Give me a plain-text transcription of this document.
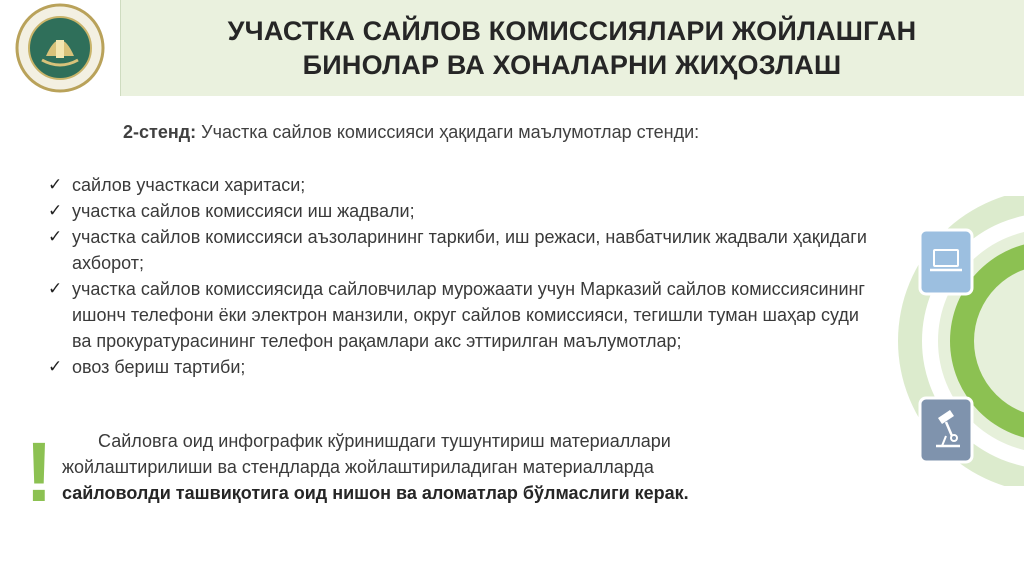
УЧАСТКА САЙЛОВ КОМИССИЯЛАРИ ЖОЙЛАШГАН
БИНОЛАР ВА ХОНАЛАРНИ ЖИҲОЗЛАШ
2-стенд: Участка сайлов комиссияси ҳақидаги маълумотлар стенди:
✓ сайлов участкаси харитаси;
✓ участка сайлов комиссияси иш жадвали;
✓ участка сайлов комиссияси аъзоларининг таркиби, иш режаси, навбатчилик жадвали ҳақидаги ахборот;
✓ участка сайлов комиссиясида сайловчилар мурожаати учун Марказий сайлов комиссиясининг ишонч телефони ёки электрон манзили, округ сайлов комиссияси, тегишли туман шаҳар суди ва прокуратурасининг телефон рақамлари акс эттирилган маълумотлар;
✓ овоз бериш тартиби;
!	Сайловга оид инфографик кўринишдаги тушунтириш материаллари
жойлаштирилиши ва стендларда жойлаштириладиган материалларда
сайловолди ташвиқотига оид нишон ва аломатлар бўлмаслиги керак.
